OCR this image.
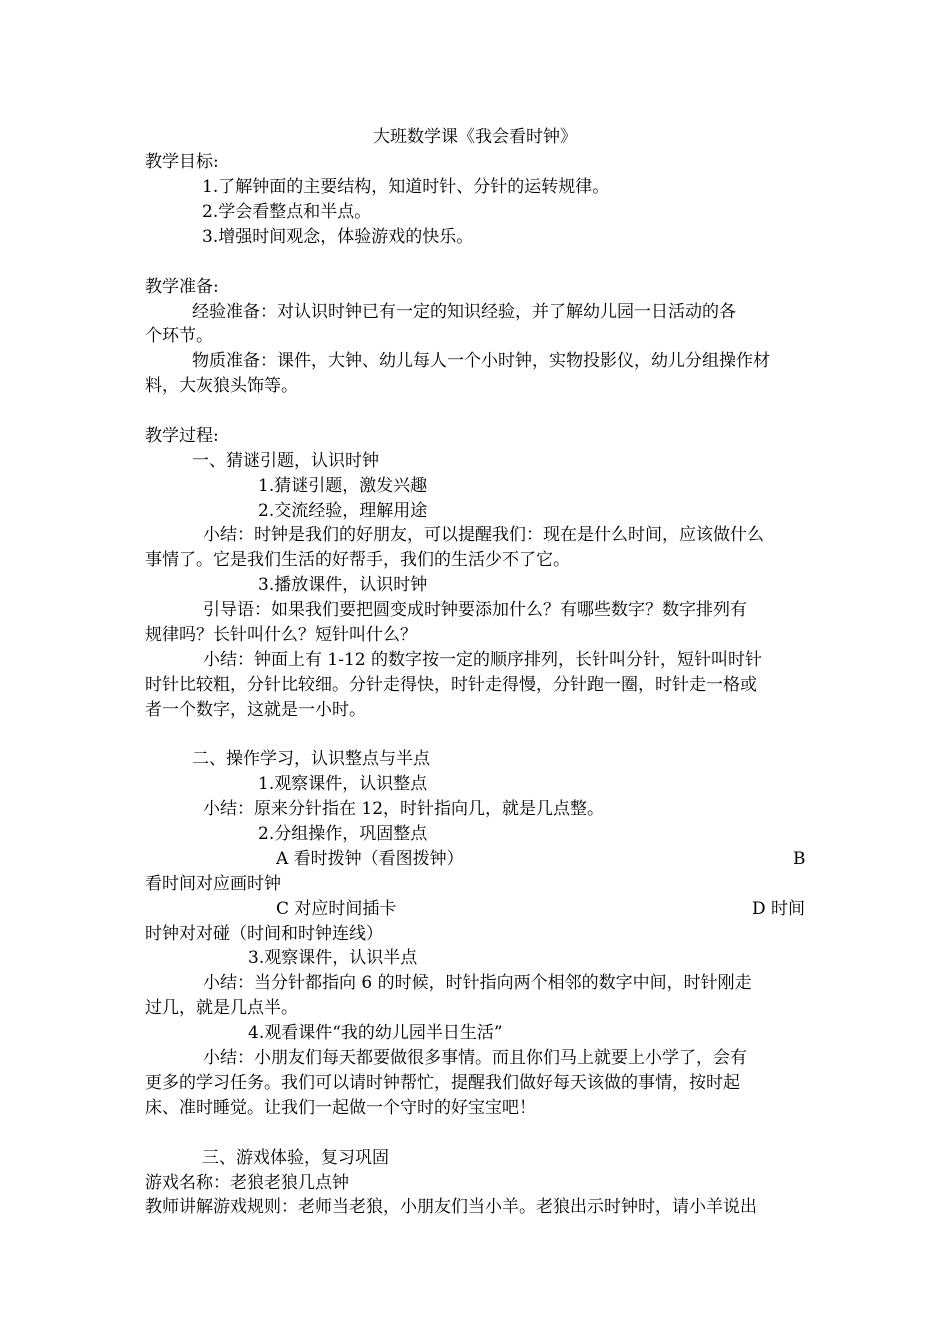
大班数学课《我会看时钟》
教学目标:
1.了解钟面的主要结构，知道时针、分针的运转规律。
2.学会看整点和半点。
3.增强时间观念，体验游戏的快乐。
教学准备:
经验准备：对认识时钟已有一定的知识经验，并了解幼儿园一日活动的各
个环节。
物质准备：课件，大钟、幼儿每人一个小时钟，实物投影仪，幼儿分组操作材
料，大灰狼头饰等。
教学过程:
一、猜谜引题，认识时钟
1.猜谜引题，激发兴趣
2.交流经验，理解用途
小结：时钟是我们的好朋友，可以提醒我们：现在是什么时间，应该做什么
事情了。它是我们生活的好帮手，我们的生活少不了它。
3.播放课件，认识时钟
引导语：如果我们要把圆变成时钟要添加什么？有哪些数字？数字排列有
规律吗？长针叫什么？短针叫什么？
小结：钟面上有 1-12 的数字按一定的顺序排列，长针叫分针，短针叫时针
时针比较粗，分针比较细。分针走得快，时针走得慢，分针跑一圈，时针走一格或
者一个数字，这就是一小时。
二、操作学习，认识整点与半点
1.观察课件，认识整点
小结：原来分针指在 12，时针指向几，就是几点整。
2.分组操作，巩固整点
A 看时拨钟（看图拨钟）	B
看时间对应画时钟
C 对应时间插卡	D 时间
时钟对对碰（时间和时钟连线）
3.观察课件，认识半点
小结：当分针都指向 6 的时候，时针指向两个相邻的数字中间，时针刚走
过几，就是几点半。
4.观看课件“我的幼儿园半日生活”
小结：小朋友们每天都要做很多事情。而且你们马上就要上小学了，会有
更多的学习任务。我们可以请时钟帮忙，提醒我们做好每天该做的事情，按时起
床、准时睡觉。让我们一起做一个守时的好宝宝吧！
三、游戏体验，复习巩固
游戏名称：老狼老狼几点钟
教师讲解游戏规则：老师当老狼，小朋友们当小羊。老狼出示时钟时，请小羊说出
